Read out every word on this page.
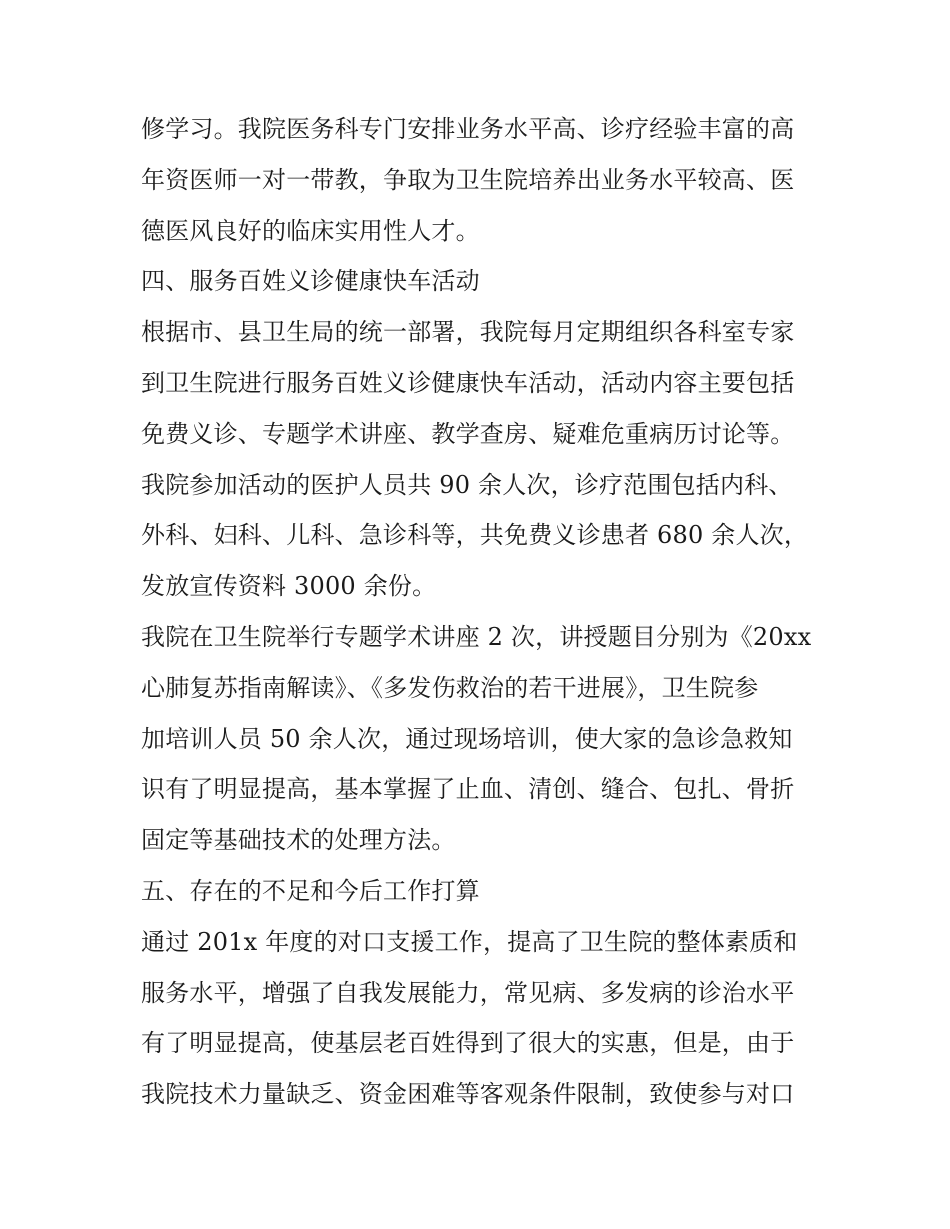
修学习。我院医务科专门安排业务水平高、诊疗经验丰富的高
年资医师一对一带教，争取为卫生院培养出业务水平较高、医
德医风良好的临床实用性人才。
四、服务百姓义诊健康快车活动
根据市、县卫生局的统一部署，我院每月定期组织各科室专家
到卫生院进行服务百姓义诊健康快车活动，活动内容主要包括
免费义诊、专题学术讲座、教学查房、疑难危重病历讨论等。
我院参加活动的医护人员共 90 余人次，诊疗范围包括内科、
外科、妇科、儿科、急诊科等，共免费义诊患者 680 余人次，
发放宣传资料 3000 余份。
我院在卫生院举行专题学术讲座 2 次，讲授题目分别为《20xx
心肺复苏指南解读》、《多发伤救治的若干进展》，卫生院参
加培训人员 50 余人次，通过现场培训，使大家的急诊急救知
识有了明显提高，基本掌握了止血、清创、缝合、包扎、骨折
固定等基础技术的处理方法。
五、存在的不足和今后工作打算
通过 201x 年度的对口支援工作，提高了卫生院的整体素质和
服务水平，增强了自我发展能力，常见病、多发病的诊治水平
有了明显提高，使基层老百姓得到了很大的实惠，但是，由于
我院技术力量缺乏、资金困难等客观条件限制，致使参与对口
